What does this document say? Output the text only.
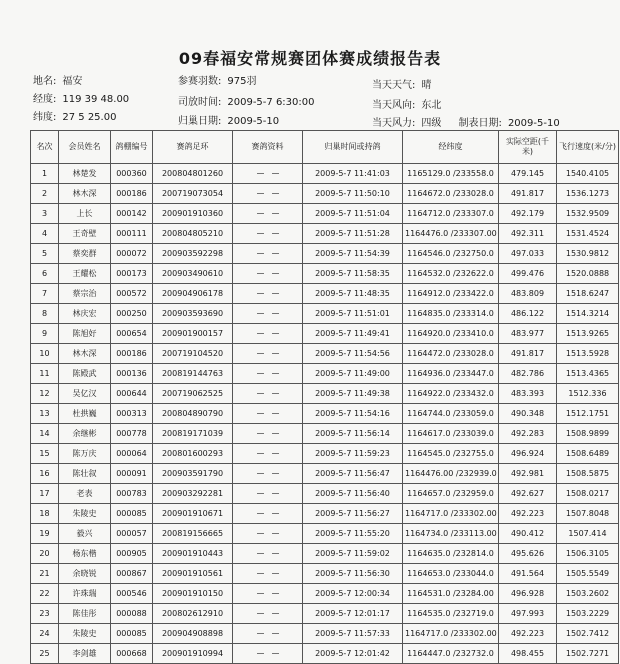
09春福安常规赛团体赛成绩报告表
地名: 福安
经度: 119 39 48.00
纬度: 27 5 25.00
参赛羽数: 975羽
司放时间: 2009-5-7 6:30:00
归巢日期: 2009-5-10
当天天气: 晴
当天风向: 东北
当天风力: 四级 制表日期: 2009-5-10
名次	会员姓名	鸽棚编号	赛鸽足环	赛鸽资料	归巢时间或持鸽	经纬度	实际空距(千米)	飞行速度(米/分)
1	林楚发	000360	200804801260		2009-5-7 11:41:03	1165129.0 /233558.0	479.145	1540.4105
2	林木深	000186	200719073054		2009-5-7 11:50:10	1164672.0 /233028.0	491.817	1536.1273
3	上长	000142	200901910360		2009-5-7 11:51:04	1164712.0 /233307.0	492.179	1532.9509
4	王奇壁	000111	200804805210		2009-5-7 11:51:28	1164476.0 /233307.00	492.311	1531.4524
5	蔡奕群	000072	200903592298		2009-5-7 11:54:39	1164546.0 /232750.0	497.033	1530.9812
6	王耀松	000173	200903490610		2009-5-7 11:58:35	1164532.0 /232622.0	499.476	1520.0888
7	蔡宗治	000572	200904906178		2009-5-7 11:48:35	1164912.0 /233422.0	483.809	1518.6247
8	林庆宏	000250	200903593690		2009-5-7 11:51:01	1164835.0 /233314.0	486.122	1514.3214
9	陈旭好	000654	200901900157		2009-5-7 11:49:41	1164920.0 /233410.0	483.977	1513.9265
10	林木深	000186	200719104520		2009-5-7 11:54:56	1164472.0 /233028.0	491.817	1513.5928
11	陈殿武	000136	200819144763		2009-5-7 11:49:00	1164936.0 /233447.0	482.786	1513.4365
12	吴亿汉	000644	200719062525		2009-5-7 11:49:38	1164922.0 /233432.0	483.393	1512.336
13	杜拱巍	000313	200804890790		2009-5-7 11:54:16	1164744.0 /233059.0	490.348	1512.1751
14	余继彬	000778	200819171039		2009-5-7 11:56:14	1164617.0 /233039.0	492.283	1508.9899
15	陈万庆	000064	200801600293		2009-5-7 11:59:23	1164545.0 /232755.0	496.924	1508.6489
16	陈壮叙	000091	200903591790		2009-5-7 11:56:47	1164476.00 /232939.0	492.981	1508.5875
17	老表	000783	200903292281		2009-5-7 11:56:40	1164657.0 /232959.0	492.627	1508.0217
18	朱陵史	000085	200901910671		2009-5-7 11:56:27	1164717.0 /233302.00	492.223	1507.8048
19	毅兴	000057	200819156665		2009-5-7 11:55:20	1164734.0 /233113.00	490.412	1507.414
20	杨东楷	000905	200901910443		2009-5-7 11:59:02	1164635.0 /232814.0	495.626	1506.3105
21	余晓锐	000867	200901910561		2009-5-7 11:56:30	1164653.0 /233044.0	491.564	1505.5549
22	许珠瑞	000546	200901910150		2009-5-7 12:00:34	1164531.0 /23284.00	496.928	1503.2602
23	陈佳彤	000088	200802612910		2009-5-7 12:01:17	1164535.0 /232719.0	497.993	1503.2229
24	朱陵史	000085	200904908898		2009-5-7 11:57:33	1164717.0 /233302.00	492.223	1502.7412
25	李剑雄	000668	200901910994		2009-5-7 12:01:42	1164447.0 /232732.0	498.455	1502.7271
